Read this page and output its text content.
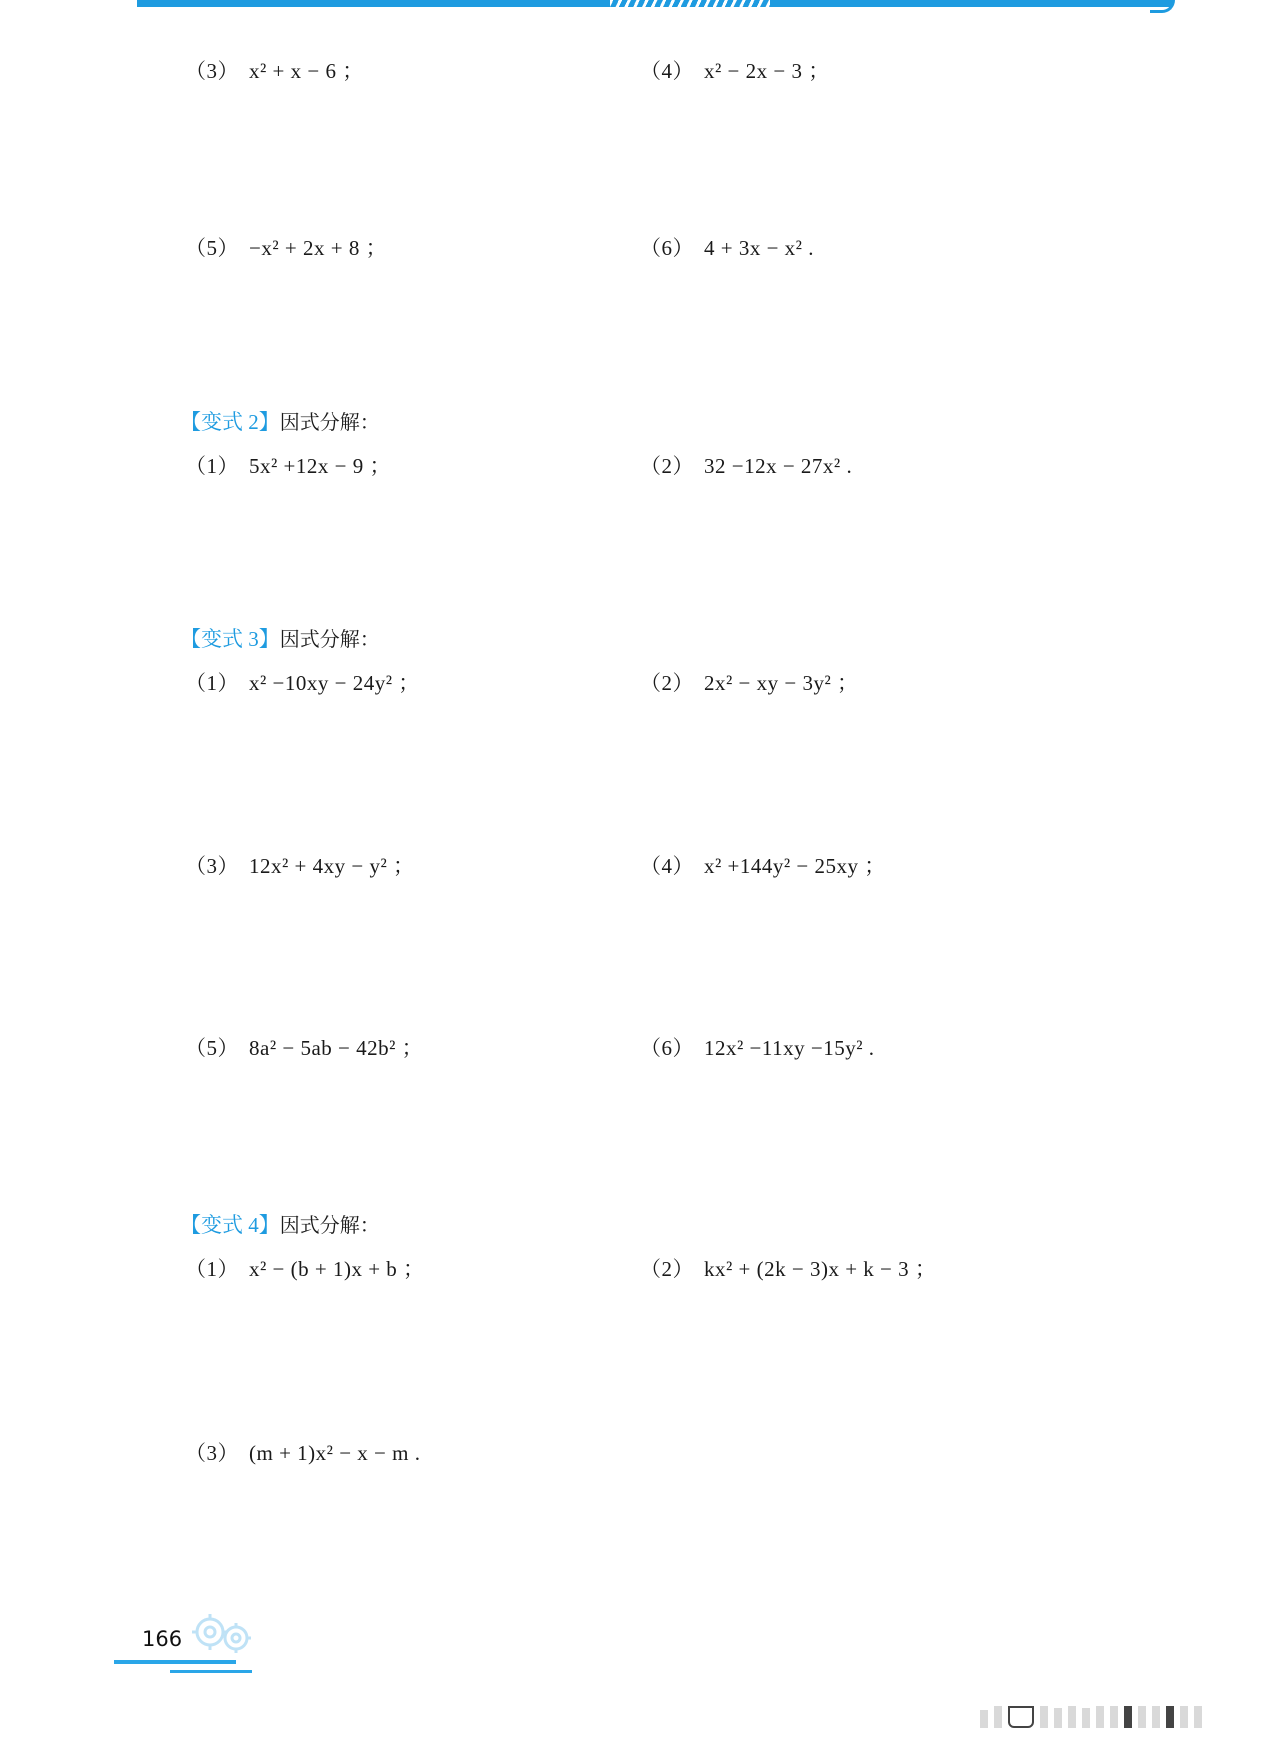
（3） x² + x − 6 ；	（4） x² − 2x − 3 ；
（5） −x² + 2x + 8 ；	（6） 4 + 3x − x² .
【变式 2】因式分解：
（1） 5x² +12x − 9 ；	（2） 32 −12x − 27x² .
【变式 3】因式分解：
（1） x² −10xy − 24y² ；	（2） 2x² − xy − 3y² ；
（3） 12x² + 4xy − y² ；	（4） x² +144y² − 25xy ；
（5） 8a² − 5ab − 42b² ；	（6） 12x² −11xy −15y² .
【变式 4】因式分解：
（1） x² − (b + 1)x + b ；	（2） kx² + (2k − 3)x + k − 3 ；
（3） (m + 1)x² − x − m .
166
